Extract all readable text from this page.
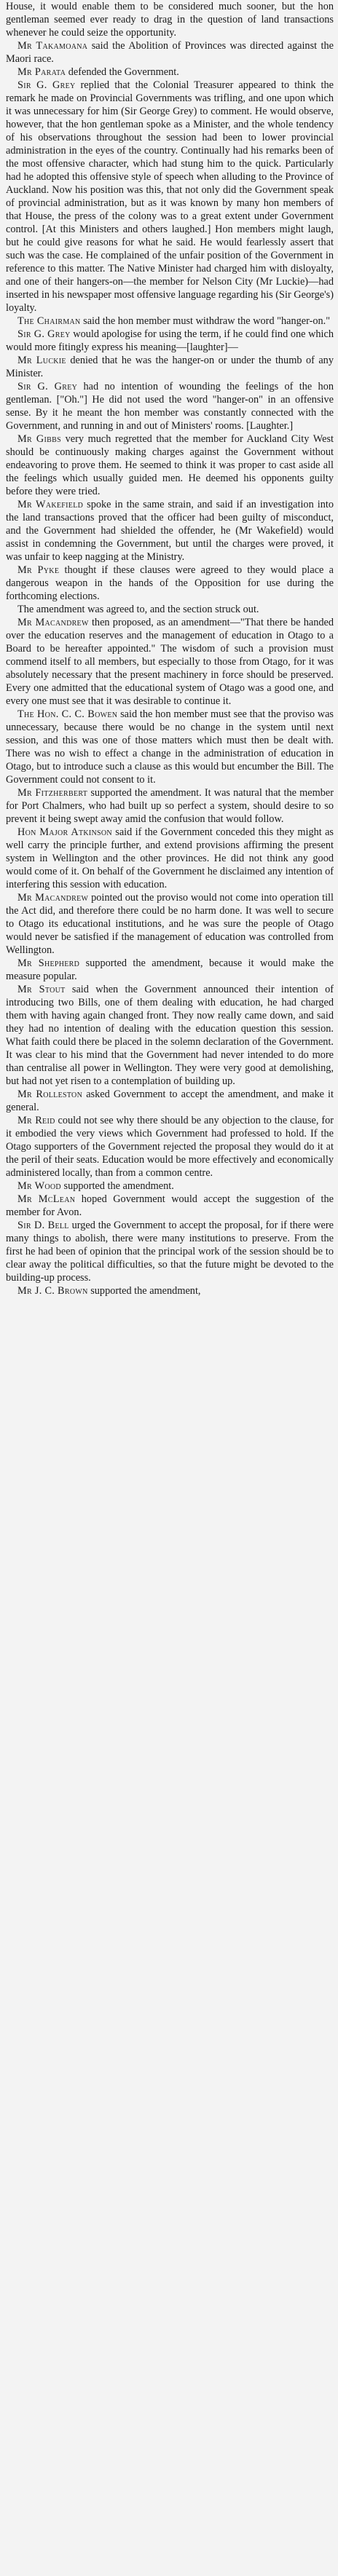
House, it would enable them to be considered much sooner, but the hon gentleman seemed ever ready to drag in the question of land transactions whenever he could seize the opportunity.

Mr Takamoana said the Abolition of Provinces was directed against the Maori race.

Mr Parata defended the Government.

Sir G. Grey replied that the Colonial Treasurer appeared to think the remark he made on Provincial Governments was trifling, and one upon which it was unnecessary for him (Sir George Grey) to comment. He would observe, however, that the hon gentleman spoke as a Minister, and the whole tendency of his observations throughout the session had been to lower provincial administration in the eyes of the country. Continually had his remarks been of the most offensive character, which had stung him to the quick. Particularly had he adopted this offensive style of speech when alluding to the Province of Auckland. Now his position was this, that not only did the Government speak of provincial administration, but as it was known by many hon members of that House, the press of the colony was to a great extent under Government control. [At this Ministers and others laughed.] Hon members might laugh, but he could give reasons for what he said. He would fearlessly assert that such was the case. He complained of the unfair position of the Government in reference to this matter. The Native Minister had charged him with disloyalty, and one of their hangers-on—the member for Nelson City (Mr Luckie)—had inserted in his newspaper most offensive language regarding his (Sir George's) loyalty.

The Chairman said the hon member must withdraw the word "hanger-on."

Sir G. Grey would apologise for using the term, if he could find one which would more fitingly express his meaning—[laughter]—

Mr Luckie denied that he was the hanger-on or under the thumb of any Minister.

Sir G. Grey had no intention of wounding the feelings of the hon gentleman. ["Oh."] He did not used the word "hanger-on" in an offensive sense. By it he meant the hon member was constantly connected with the Government, and running in and out of Ministers' rooms. [Laughter.]

Mr Gibbs very much regretted that the member for Auckland City West should be continuously making charges against the Government without endeavoring to prove them. He seemed to think it was proper to cast aside all the feelings which usually guided men. He deemed his opponents guilty before they were tried.

Mr Wakefield spoke in the same strain, and said if an investigation into the land transactions proved that the officer had been guilty of misconduct, and the Government had shielded the offender, he (Mr Wakefield) would assist in condemning the Government, but until the charges were proved, it was unfair to keep nagging at the Ministry.

Mr Pyke thought if these clauses were agreed to they would place a dangerous weapon in the hands of the Opposition for use during the forthcoming elections.

The amendment was agreed to, and the section struck out.

Mr Macandrew then proposed, as an amendment—"That there be handed over the education reserves and the management of education in Otago to a Board to be hereafter appointed." The wisdom of such a provision must commend itself to all members, but especially to those from Otago, for it was absolutely necessary that the present machinery in force should be preserved. Every one admitted that the educational system of Otago was a good one, and every one must see that it was desirable to continue it.

The Hon. C. C. Bowen said the hon member must see that the proviso was unnecessary, because there would be no change in the system until next session, and this was one of those matters which must then be dealt with. There was no wish to effect a change in the administration of education in Otago, but to introduce such a clause as this would but encumber the Bill. The Government could not consent to it.

Mr Fitzherbert supported the amendment. It was natural that the member for Port Chalmers, who had built up so perfect a system, should desire to so prevent it being swept away amid the confusion that would follow.

Hon Major Atkinson said if the Government conceded this they might as well carry the principle further, and extend provisions affirming the present system in Wellington and the other provinces. He did not think any good would come of it. On behalf of the Government he disclaimed any intention of interfering this session with education.

Mr Macandrew pointed out the proviso would not come into operation till the Act did, and therefore there could be no harm done. It was well to secure to Otago its educational institutions, and he was sure the people of Otago would never be satisfied if the management of education was controlled from Wellington.

Mr Shepherd supported the amendment, because it would make the measure popular.

Mr Stout said when the Government announced their intention of introducing two Bills, one of them dealing with education, he had charged them with having again changed front. They now really came down, and said they had no intention of dealing with the education question this session. What faith could there be placed in the solemn declaration of the Government. It was clear to his mind that the Government had never intended to do more than centralise all power in Wellington. They were very good at demolishing, but had not yet risen to a contemplation of building up.

Mr Rolleston asked Government to accept the amendment, and make it general.

Mr Reid could not see why there should be any objection to the clause, for it embodied the very views which Government had professed to hold. If the Otago supporters of the Government rejected the proposal they would do it at the peril of their seats. Education would be more effectively and economically administered locally, than from a common centre.

Mr Wood supported the amendment.

Mr McLean hoped Government would accept the suggestion of the member for Avon.

Sir D. Bell urged the Government to accept the proposal, for if there were many things to abolish, there were many institutions to preserve. From the first he had been of opinion that the principal work of the session should be to clear away the political difficulties, so that the future might be devoted to the building-up process.

Mr J. C. Brown supported the amendment,
